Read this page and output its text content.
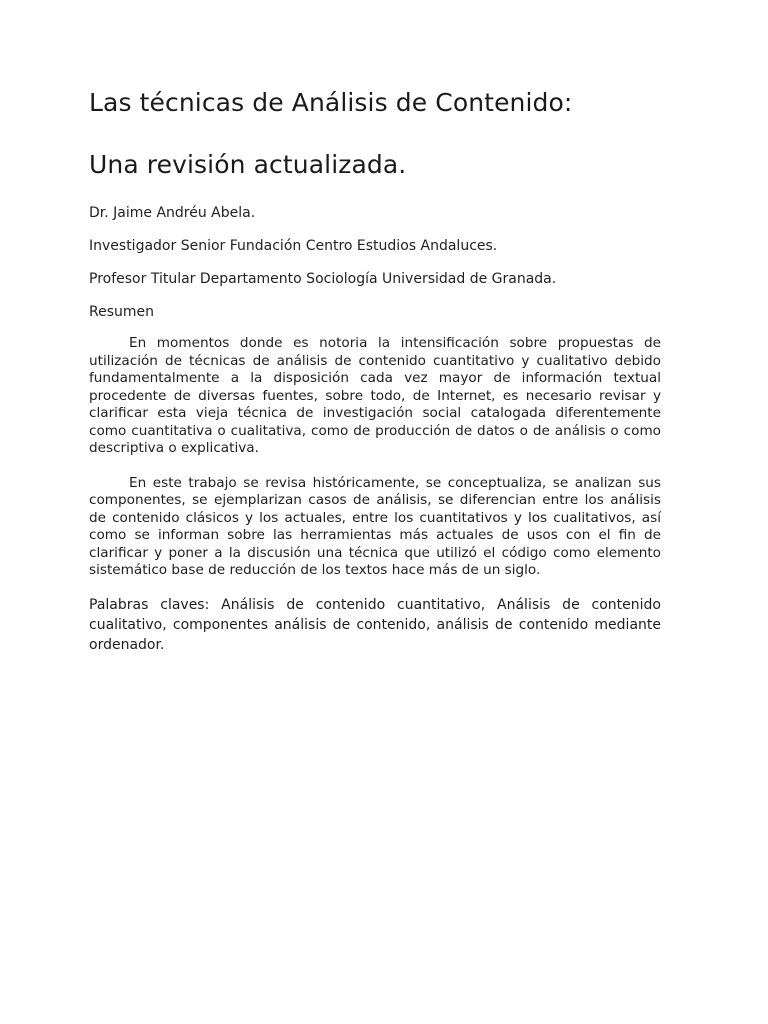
Las técnicas de Análisis de Contenido:
Una revisión actualizada.

Dr. Jaime Andréu Abela.

Investigador Senior Fundación Centro Estudios Andaluces.

Profesor Titular Departamento Sociología Universidad de Granada.

Resumen

En momentos donde es notoria la intensificación sobre propuestas de utilización de técnicas de análisis de contenido cuantitativo y cualitativo debido fundamentalmente a la disposición cada vez mayor de información textual procedente de diversas fuentes, sobre todo, de Internet, es necesario revisar y clarificar esta vieja técnica de investigación social catalogada diferentemente como cuantitativa o cualitativa, como de producción de datos o de análisis o como descriptiva o explicativa.

En este trabajo se revisa históricamente, se conceptualiza, se analizan sus componentes, se ejemplarizan casos de análisis, se diferencian entre los análisis de contenido clásicos y los actuales, entre los cuantitativos y los cualitativos, así como se informan sobre las herramientas más actuales de usos con el fin de clarificar y poner a la discusión una técnica que utilizó el código como elemento sistemático base de reducción de los textos hace más de un siglo.

Palabras claves: Análisis de contenido cuantitativo, Análisis de contenido cualitativo, componentes análisis de contenido, análisis de contenido mediante ordenador.
